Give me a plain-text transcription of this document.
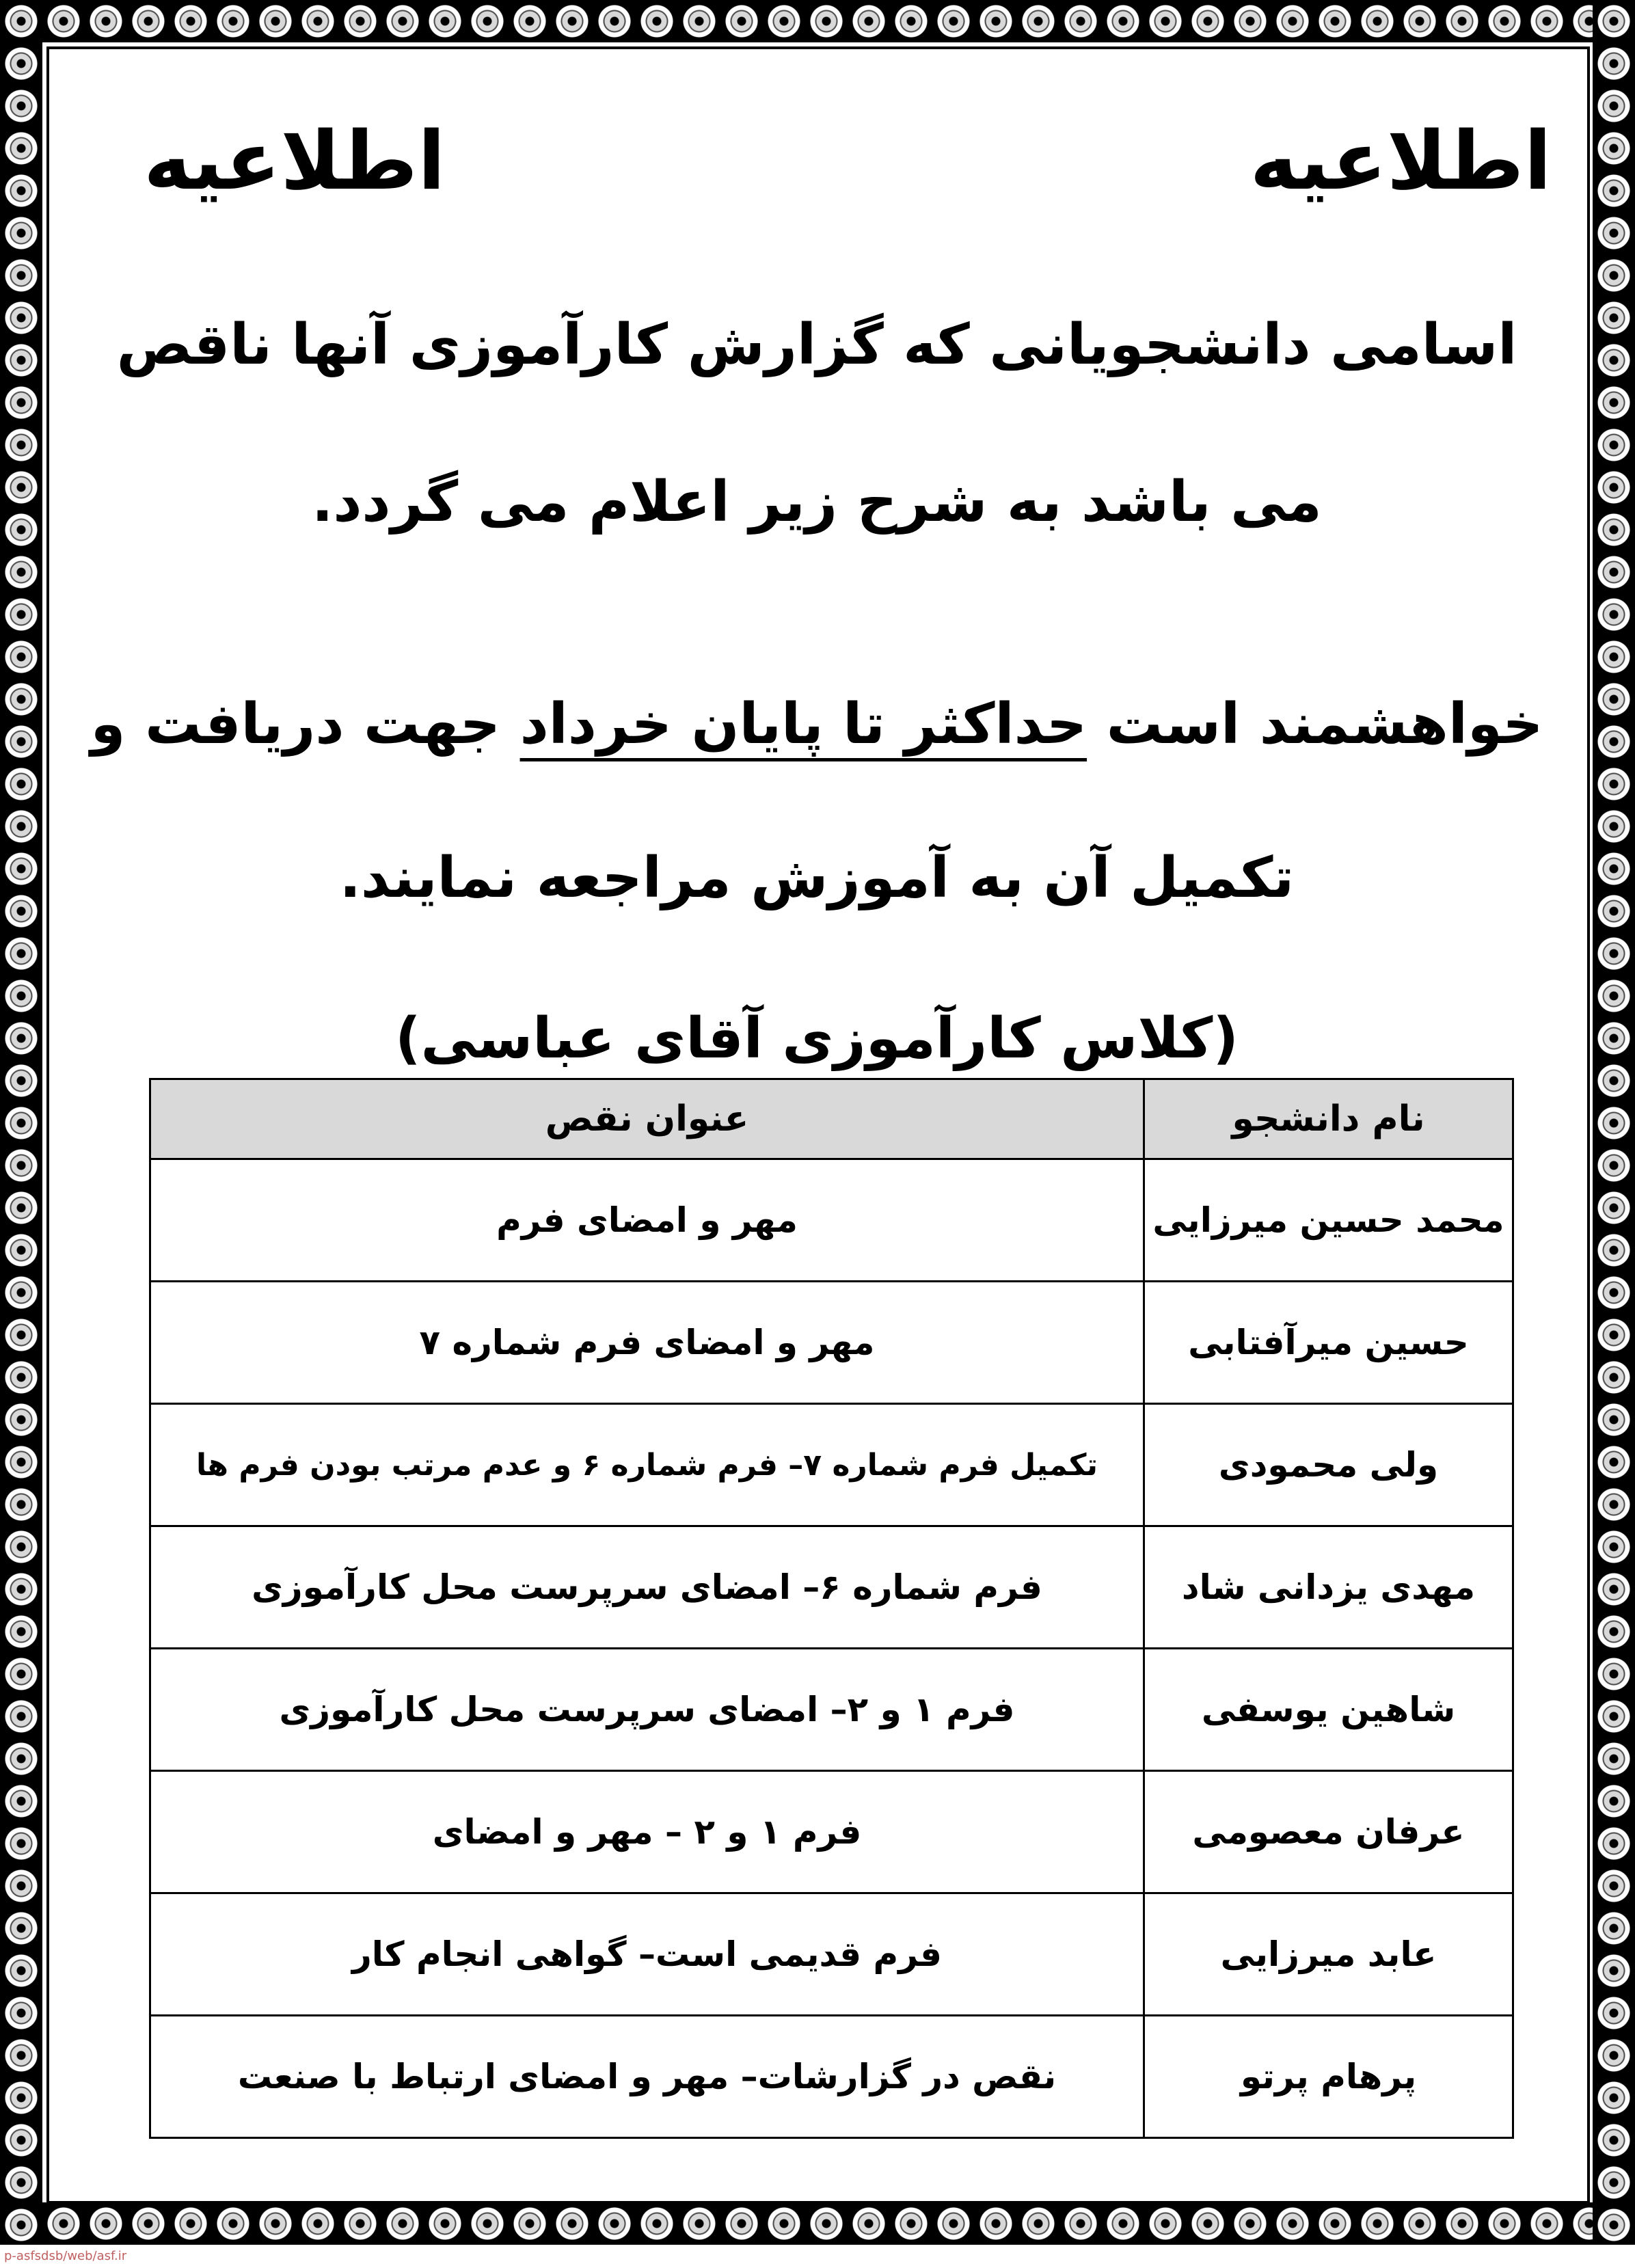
p-asfsdsb/web/asf.ir
اطلاعیه
اطلاعیه
اسامی دانشجویانی که گزارش کارآموزی آنها ناقص
می باشد به شرح زیر اعلام می گردد.
خواهشمند است حداکثر تا پایان خرداد جهت دریافت و
تکمیل آن به آموزش مراجعه نمایند.
(کلاس کارآموزی آقای عباسی)
نام دانشجو	عنوان نقص
محمد حسین میرزایی	مهر و امضای فرم
حسین میرآفتابی	مهر و امضای فرم شماره ۷
ولی محمودی	تکمیل فرم شماره ۷– فرم شماره ۶ و عدم مرتب بودن فرم ها
مهدی یزدانی شاد	فرم شماره ۶– امضای سرپرست محل کارآموزی
شاهین یوسفی	فرم ۱ و ۲– امضای سرپرست محل کارآموزی
عرفان معصومی	فرم ۱ و ۲ – مهر و امضای
عابد میرزایی	فرم قدیمی است– گواهی انجام کار
پرهام پرتو	نقص در گزارشات– مهر و امضای ارتباط با صنعت
